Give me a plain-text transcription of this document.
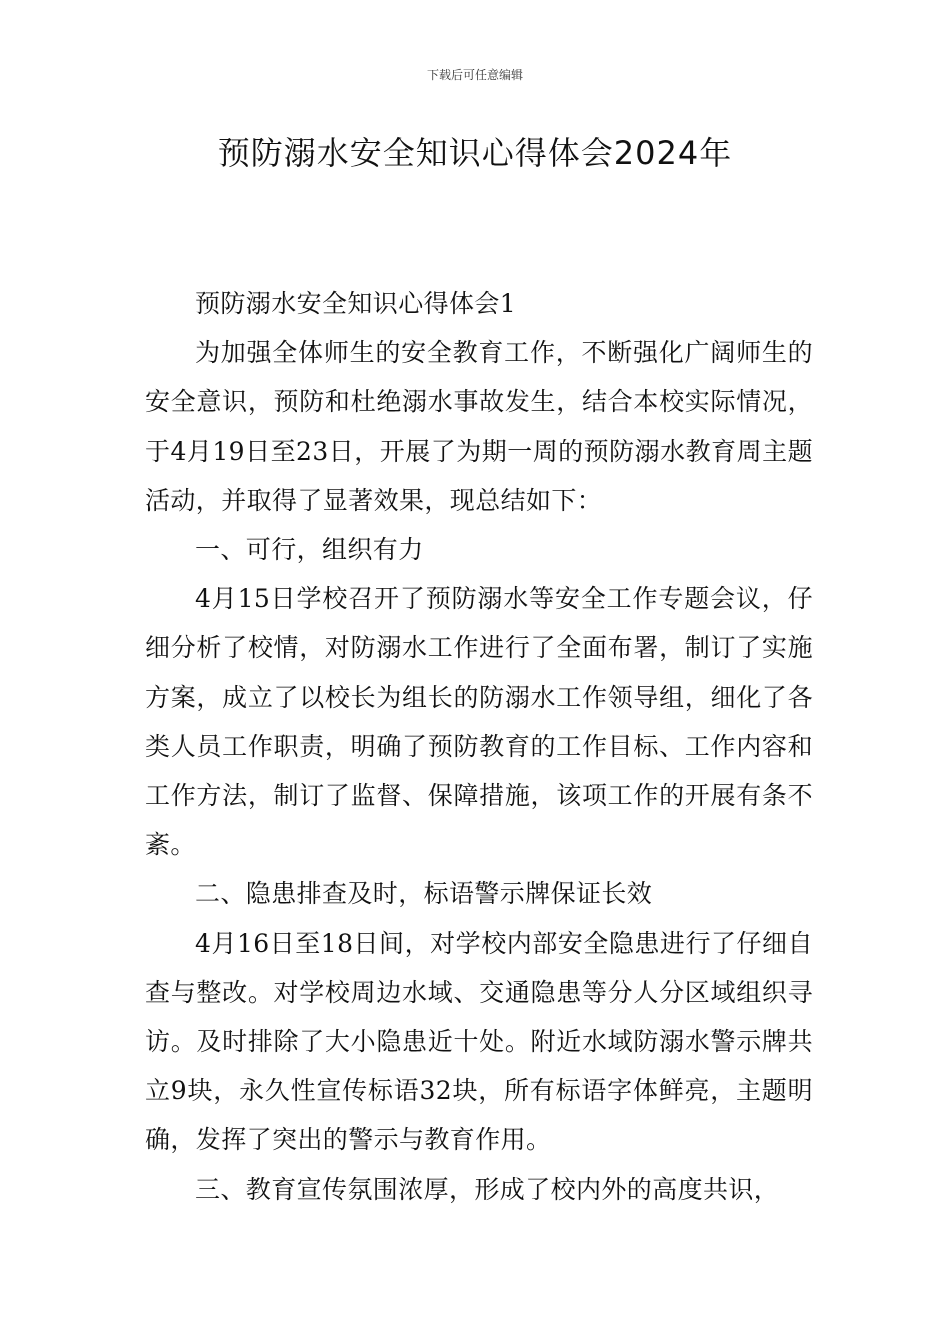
下载后可任意编辑
预防溺水安全知识心得体会2024年

预防溺水安全知识心得体会1

为加强全体师生的安全教育工作，不断强化广阔师生的安全意识，预防和杜绝溺水事故发生，结合本校实际情况，于4月19日至23日，开展了为期一周的预防溺水教育周主题活动，并取得了显著效果，现总结如下：

一、可行，组织有力

4月15日学校召开了预防溺水等安全工作专题会议，仔细分析了校情，对防溺水工作进行了全面布署，制订了实施方案，成立了以校长为组长的防溺水工作领导组，细化了各类人员工作职责，明确了预防教育的工作目标、工作内容和工作方法，制订了监督、保障措施，该项工作的开展有条不紊。

二、隐患排查及时，标语警示牌保证长效

4月16日至18日间，对学校内部安全隐患进行了仔细自查与整改。对学校周边水域、交通隐患等分人分区域组织寻访。及时排除了大小隐患近十处。附近水域防溺水警示牌共立9块，永久性宣传标语32块，所有标语字体鲜亮，主题明确，发挥了突出的警示与教育作用。

三、教育宣传氛围浓厚，形成了校内外的高度共识，
